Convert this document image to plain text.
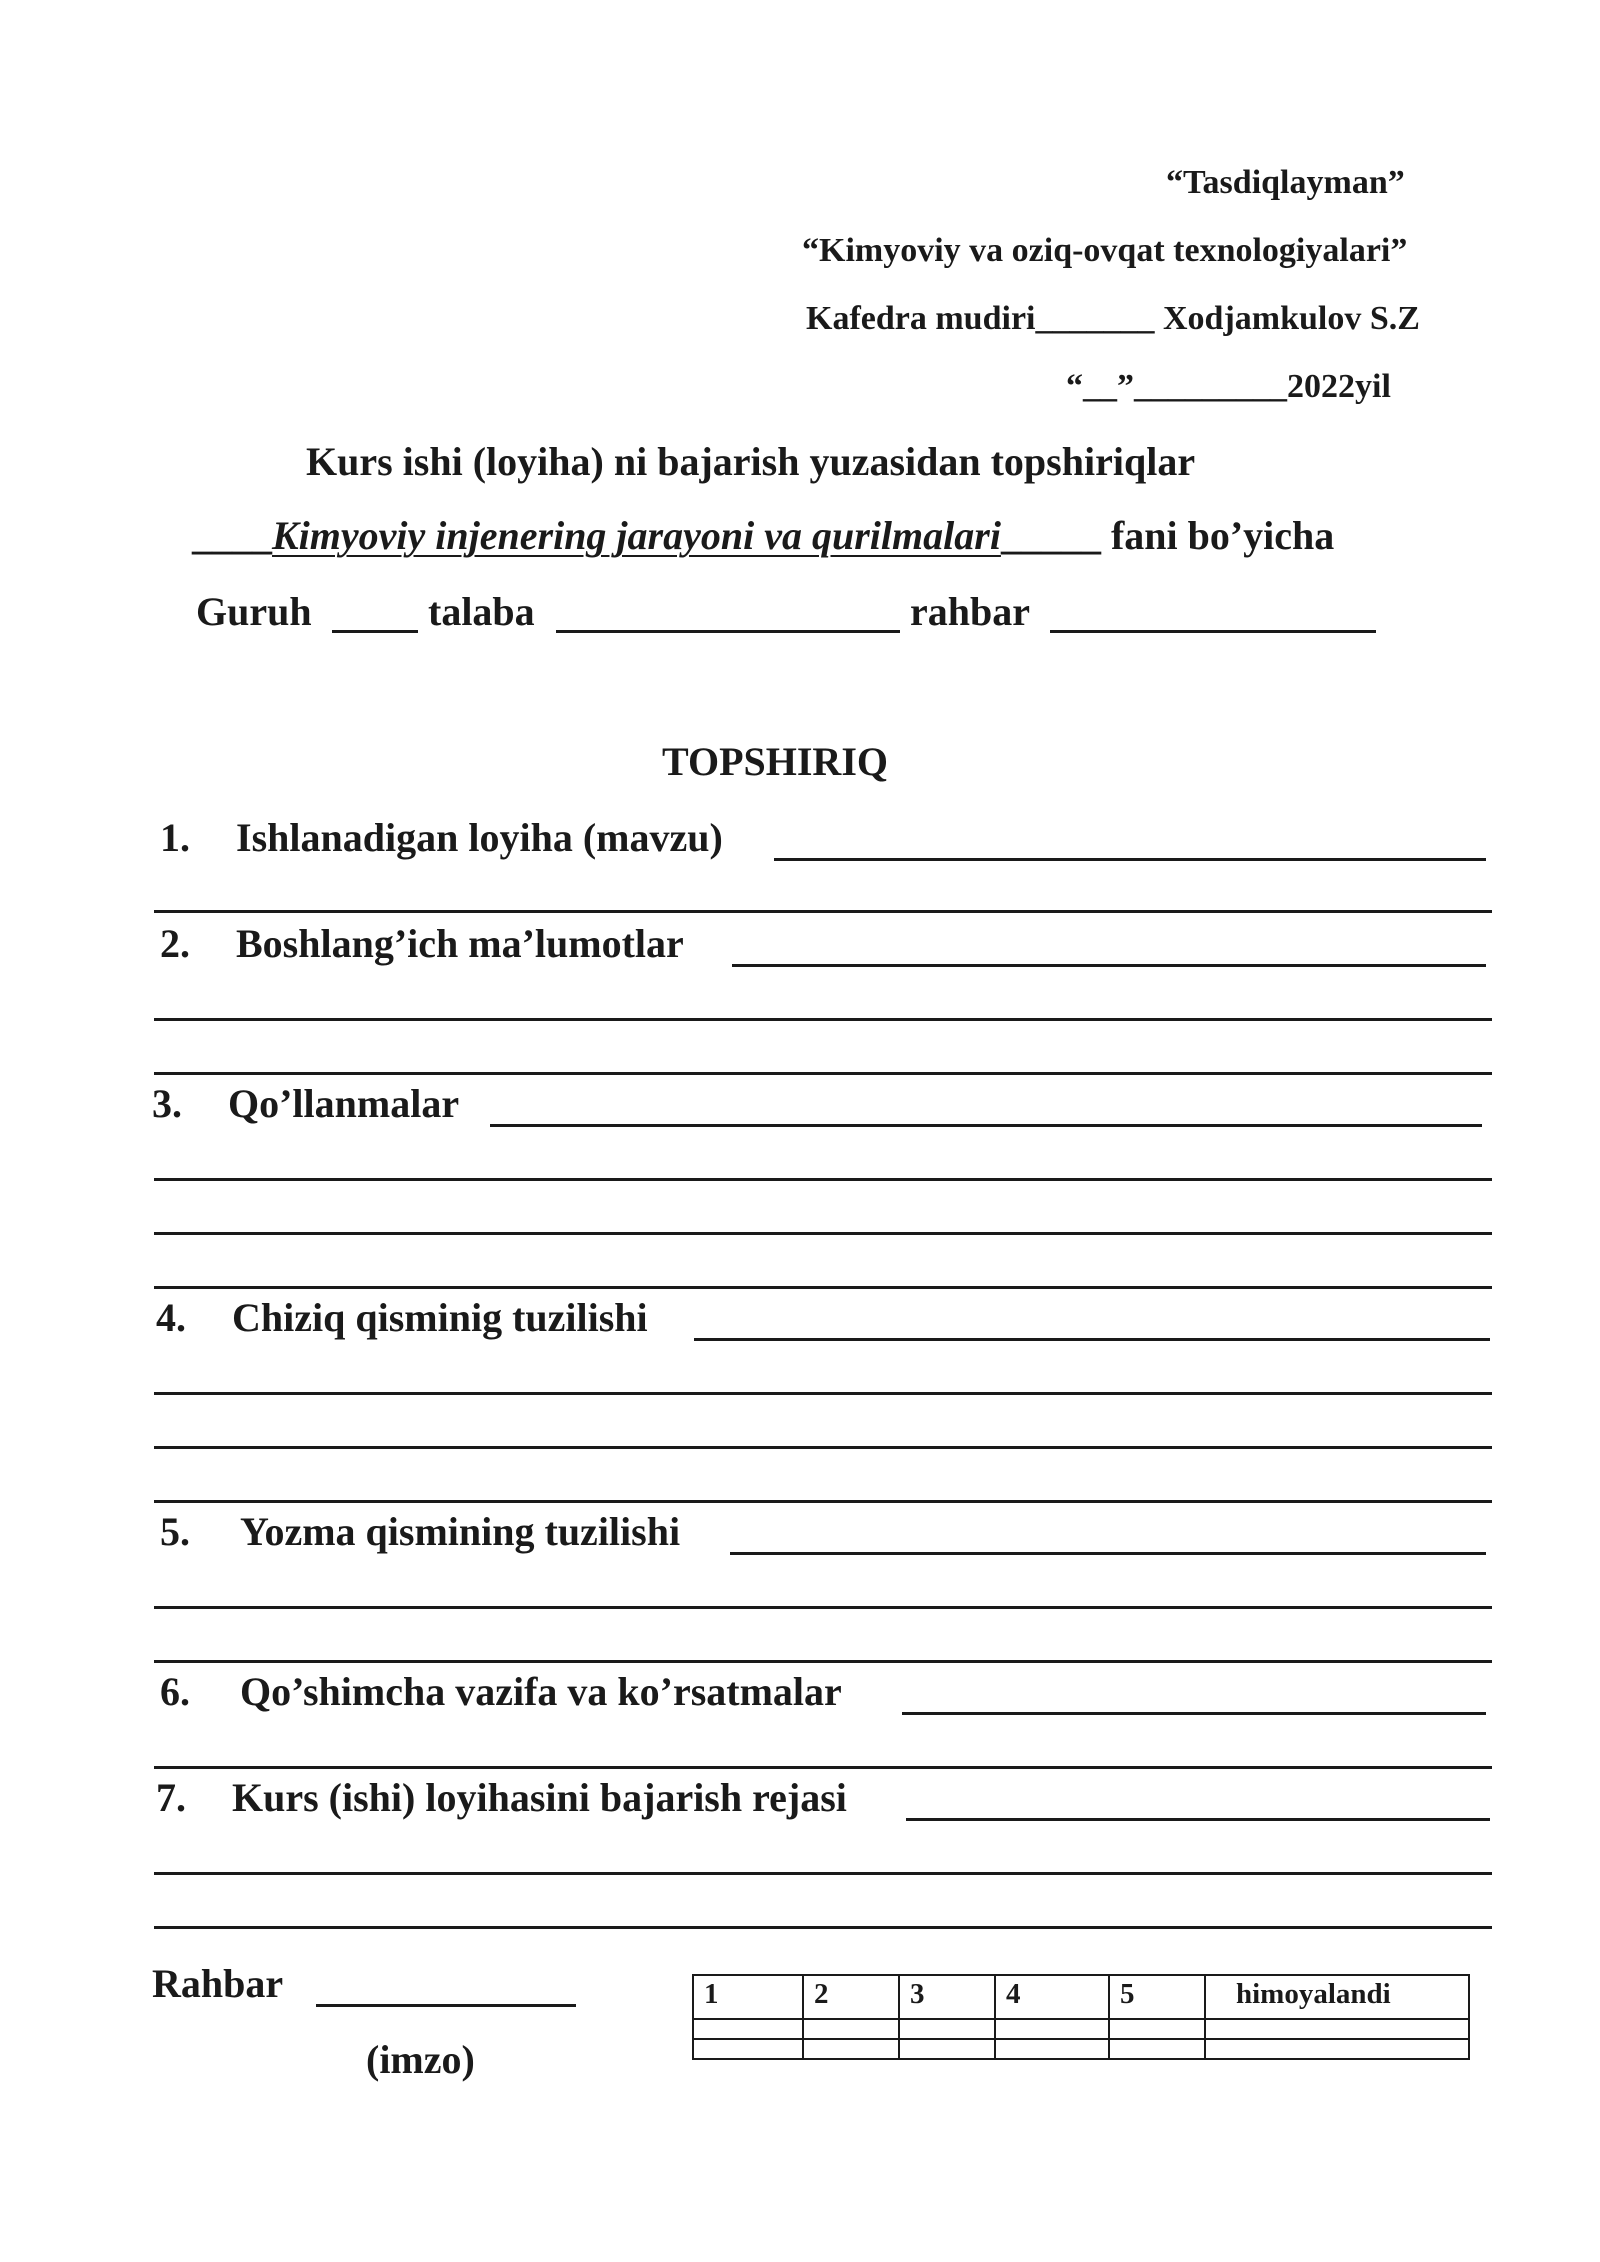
“Tasdiqlayman”
“Kimyoviy va oziq-ovqat texnologiyalari”
Kafedra mudiri_______ Xodjamkulov S.Z
“__”_________2022yil
Kurs ishi (loyiha) ni bajarish yuzasidan topshiriqlar
____Kimyoviy injenering jarayoni va qurilmalari_____ fani bo’yicha
Guruh	talaba	rahbar
TOPSHIRIQ
1. Ishlanadigan loyiha (mavzu)
2. Boshlang’ich ma’lumotlar
3. Qo’llanmalar
4. Chiziq qisminig tuzilishi
5. Yozma qismining tuzilishi
6. Qo’shimcha vazifa va ko’rsatmalar
7. Kurs (ishi) loyihasini bajarish rejasi
Rahbar
(imzo)
1	2	3	4	5	himoyalandi
